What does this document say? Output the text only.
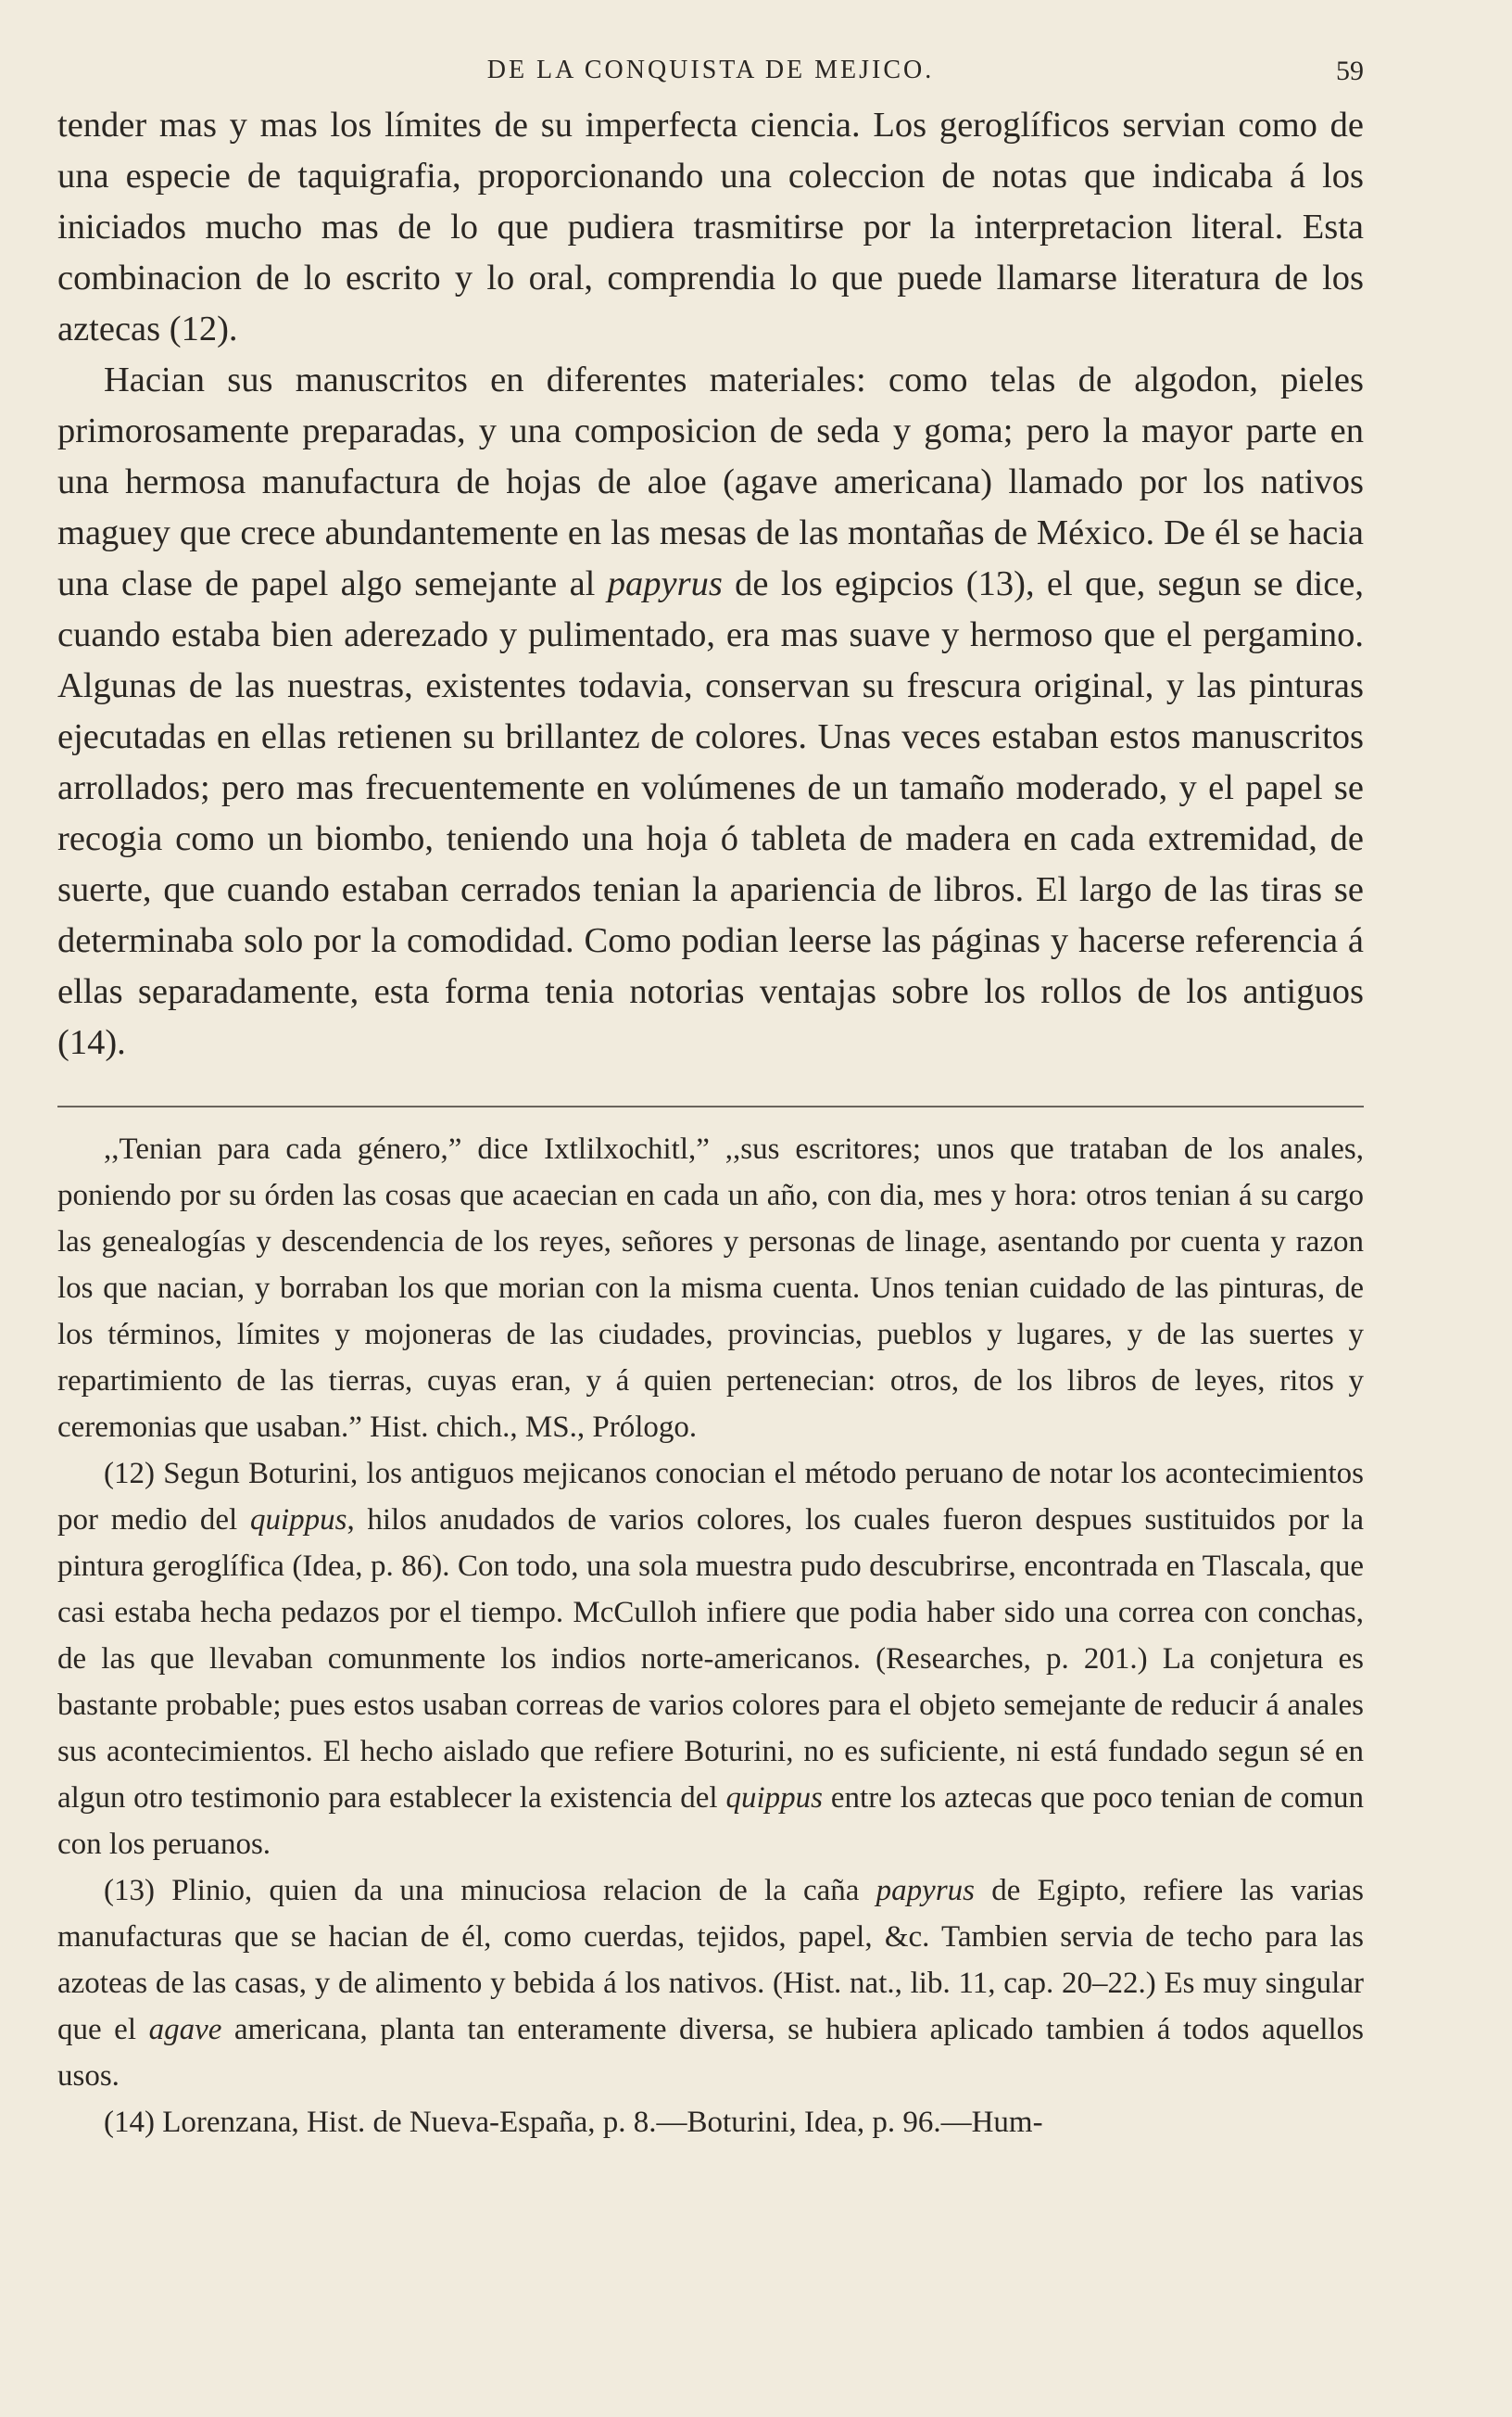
DE LA CONQUISTA DE MEJICO.	59

tender mas y mas los límites de su imperfecta ciencia. Los geroglíficos servian como de una especie de taquigrafia, proporcionando una coleccion de notas que indicaba á los iniciados mucho mas de lo que pudiera trasmitirse por la interpretacion literal. Esta combinacion de lo escrito y lo oral, comprendia lo que puede llamarse literatura de los aztecas (12).

Hacian sus manuscritos en diferentes materiales: como telas de algodon, pieles primorosamente preparadas, y una composicion de seda y goma; pero la mayor parte en una hermosa manufactura de hojas de aloe (agave americana) llamado por los nativos maguey que crece abundantemente en las mesas de las montañas de México. De él se hacia una clase de papel algo semejante al papyrus de los egipcios (13), el que, segun se dice, cuando estaba bien aderezado y pulimentado, era mas suave y hermoso que el pergamino. Algunas de las nuestras, existentes todavia, conservan su frescura original, y las pinturas ejecutadas en ellas retienen su brillantez de colores. Unas veces estaban estos manuscritos arrollados; pero mas frecuentemente en volúmenes de un tamaño moderado, y el papel se recogia como un biombo, teniendo una hoja ó tableta de madera en cada extremidad, de suerte, que cuando estaban cerrados tenian la apariencia de libros. El largo de las tiras se determinaba solo por la comodidad. Como podian leerse las páginas y hacerse referencia á ellas separadamente, esta forma tenia notorias ventajas sobre los rollos de los antiguos (14).

,,Tenian para cada género,” dice Ixtlilxochitl,” ,,sus escritores; unos que trataban de los anales, poniendo por su órden las cosas que acaecian en cada un año, con dia, mes y hora: otros tenian á su cargo las genealogías y descendencia de los reyes, señores y personas de linage, asentando por cuenta y razon los que nacian, y borraban los que morian con la misma cuenta. Unos tenian cuidado de las pinturas, de los términos, límites y mojoneras de las ciudades, provincias, pueblos y lugares, y de las suertes y repartimiento de las tierras, cuyas eran, y á quien pertenecian: otros, de los libros de leyes, ritos y ceremonias que usaban.” Hist. chich., MS., Prólogo.

(12) Segun Boturini, los antiguos mejicanos conocian el método peruano de notar los acontecimientos por medio del quippus, hilos anudados de varios colores, los cuales fueron despues sustituidos por la pintura geroglífica (Idea, p. 86). Con todo, una sola muestra pudo descubrirse, encontrada en Tlascala, que casi estaba hecha pedazos por el tiempo. McCulloh infiere que podia haber sido una correa con conchas, de las que llevaban comunmente los indios norte-americanos. (Researches, p. 201.) La conjetura es bastante probable; pues estos usaban correas de varios colores para el objeto semejante de reducir á anales sus acontecimientos. El hecho aislado que refiere Boturini, no es suficiente, ni está fundado segun sé en algun otro testimonio para establecer la existencia del quippus entre los aztecas que poco tenian de comun con los peruanos.

(13) Plinio, quien da una minuciosa relacion de la caña papyrus de Egipto, refiere las varias manufacturas que se hacian de él, como cuerdas, tejidos, papel, &c. Tambien servia de techo para las azoteas de las casas, y de alimento y bebida á los nativos. (Hist. nat., lib. 11, cap. 20–22.) Es muy singular que el agave americana, planta tan enteramente diversa, se hubiera aplicado tambien á todos aquellos usos.

(14) Lorenzana, Hist. de Nueva-España, p. 8.—Boturini, Idea, p. 96.—Hum-
